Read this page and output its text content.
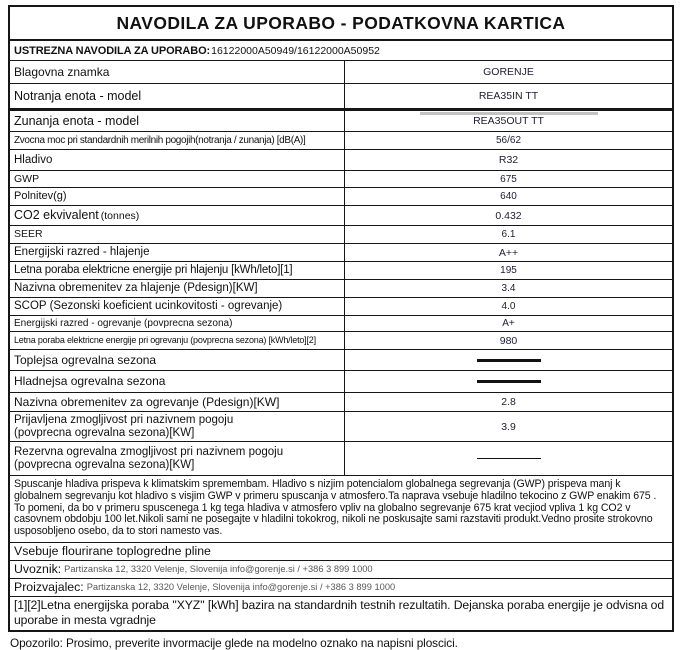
NAVODILA ZA UPORABO - PODATKOVNA KARTICA
USTREZNA NAVODILA ZA UPORABO: 16122000A50949/16122000A50952
Blagovna znamka	GORENJE
Notranja enota - model	REA35IN TT
Zunanja enota - model	REA35OUT TT
Zvocna moc pri standardnih merilnih pogojih(notranja / zunanja) [dB(A)]	56/62
Hladivo	R32
GWP	675
Polnitev(g)	640
CO2 ekvivalent (tonnes)	0.432
SEER	6.1
Energijski razred - hlajenje	A++
Letna poraba elektricne energije pri hlajenju [kWh/leto][1]	195
Nazivna obremenitev za hlajenje (Pdesign)[KW]	3.4
SCOP (Sezonski koeficient ucinkovitosti - ogrevanje)	4.0
Energijski razred - ogrevanje (povprecna sezona)	A+
Letna poraba elektricne energije pri ogrevanju (povprecna sezona) [kWh/leto][2]	980
Toplejsa ogrevalna sezona
Hladnejsa ogrevalna sezona
Nazivna obremenitev za ogrevanje (Pdesign)[KW]	2.8
Prijavljena zmogljivost pri nazivnem pogoju
(povprecna ogrevalna sezona)[KW]	3.9
Rezervna ogrevalna zmogljivost pri nazivnem pogoju
(povprecna ogrevalna sezona)[KW]
Spuscanje hladiva prispeva k klimatskim spremembam. Hladivo s nizjim potencialom globalnega segrevanja (GWP) prispeva manj k globalnem segrevanju kot hladivo s visjim GWP v primeru spuscanja v atmosfero.Ta naprava vsebuje hladilno tekocino z GWP enakim 675 . To pomeni, da bo v primeru spuscenega 1 kg tega hladiva v atmosfero vpliv na globalno segrevanje 675 krat vecjiod vpliva 1 kg CO2 v casovnem obdobju 100 let.Nikoli sami ne posegajte v hladilni tokokrog, nikoli ne poskusajte sami razstaviti produkt.Vedno prosite strokovno usposobljeno osebo, da to stori namesto vas.
Vsebuje flourirane toplogredne pline
Uvoznik: Partizanska 12, 3320 Velenje, Slovenija info@gorenje.si / +386 3 899 1000
Proizvajalec: Partizanska 12, 3320 Velenje, Slovenija info@gorenje.si / +386 3 899 1000
[1][2]Letna energijska poraba ''XYZ'' [kWh] bazira na standardnih testnih rezultatih. Dejanska poraba energije je odvisna od uporabe in mesta vgradnje
Opozorilo: Prosimo, preverite invormacije glede na modelno oznako na napisni ploscici.
